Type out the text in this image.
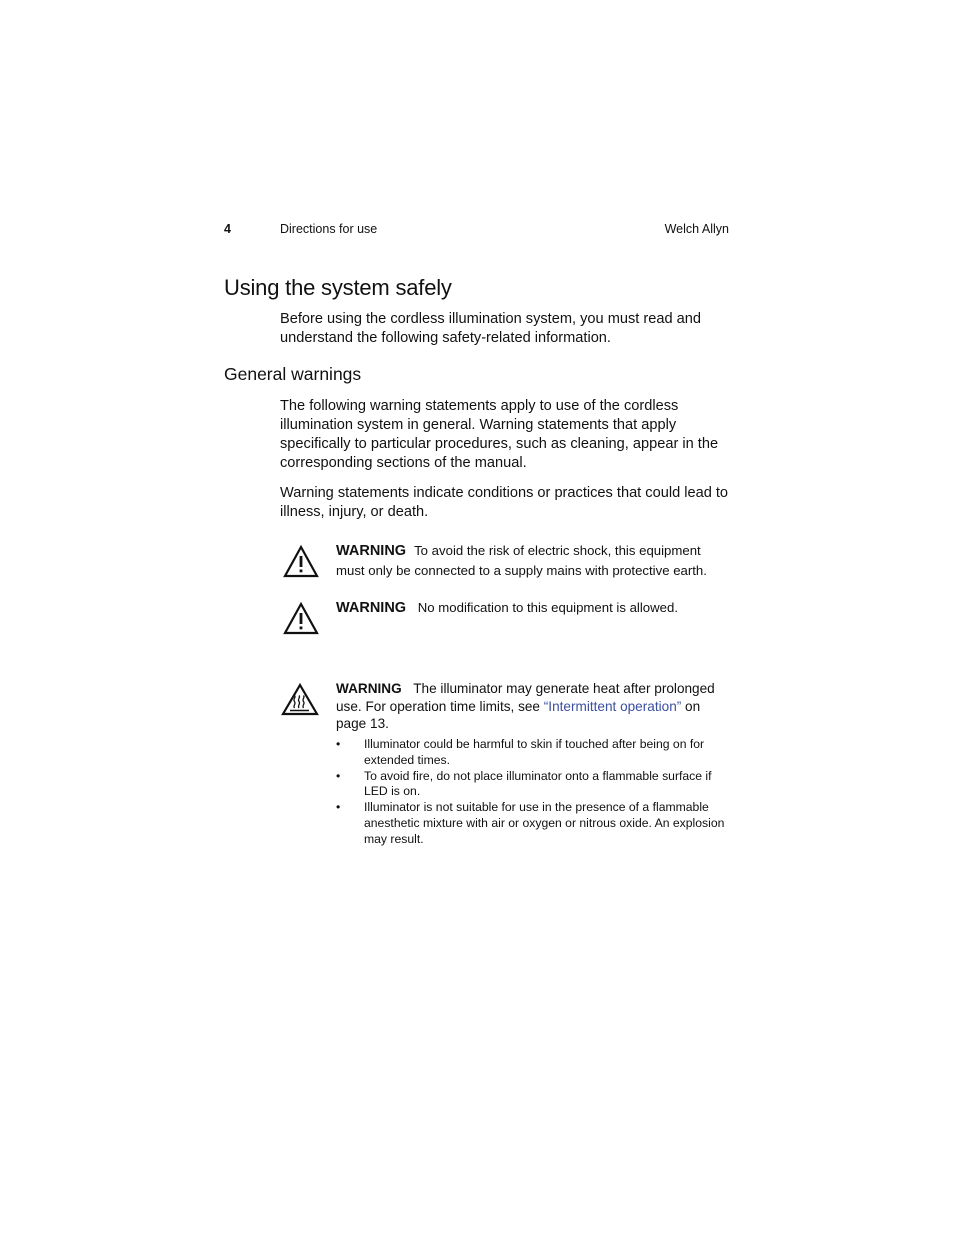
4	Directions for use	Welch Allyn
Using the system safely

Before using the cordless illumination system, you must read and understand the following safety-related information.

General warnings

The following warning statements apply to use of the cordless illumination system in general. Warning statements that apply specifically to particular procedures, such as cleaning, appear in the corresponding sections of the manual.

Warning statements indicate conditions or practices that could lead to illness, injury, or death.

WARNING To avoid the risk of electric shock, this equipment must only be connected to a supply mains with protective earth.

WARNING No modification to this equipment is allowed.

WARNING The illuminator may generate heat after prolonged use. For operation time limits, see “Intermittent operation” on page 13.

• Illuminator could be harmful to skin if touched after being on for extended times.
• To avoid fire, do not place illuminator onto a flammable surface if LED is on.
• Illuminator is not suitable for use in the presence of a flammable anesthetic mixture with air or oxygen or nitrous oxide. An explosion may result.
